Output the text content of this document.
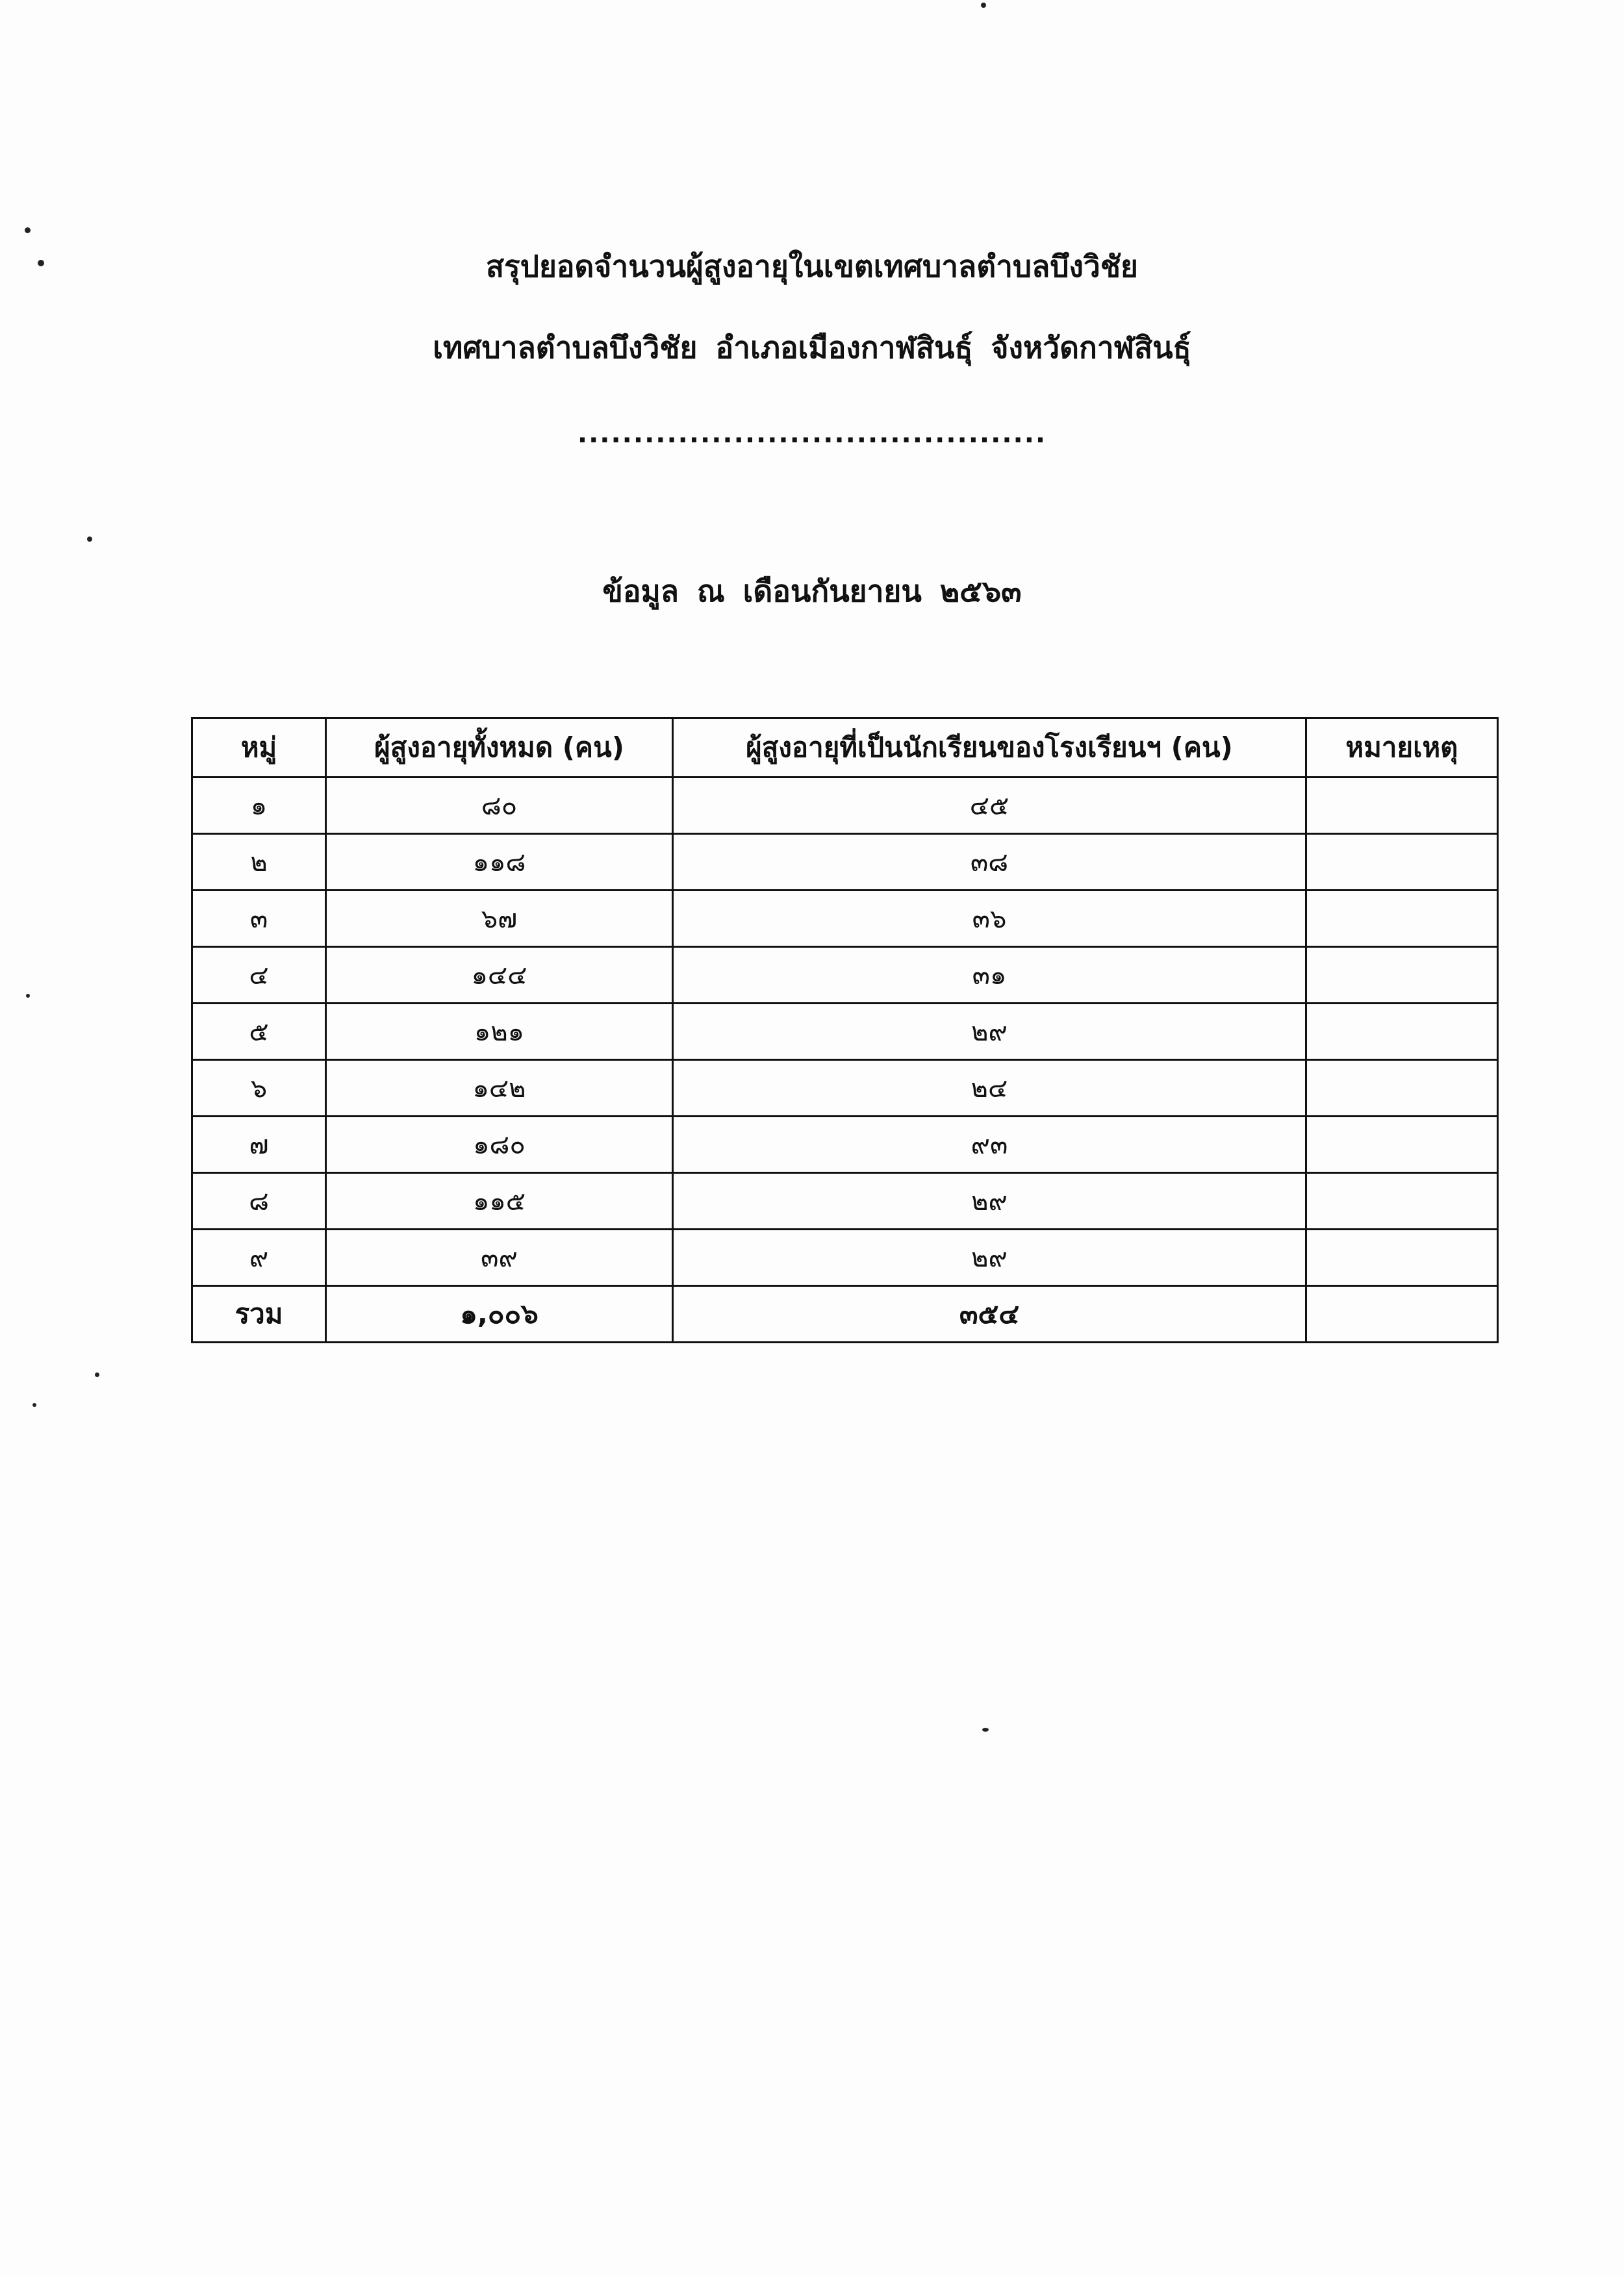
สรุปยอดจำนวนผู้สูงอายุในเขตเทศบาลตำบลบึงวิชัย
เทศบาลตำบลบึงวิชัย อำเภอเมืองกาฬสินธุ์ จังหวัดกาฬสินธุ์
..........................................
ข้อมูล ณ เดือนกันยายน ๒๕๖๓
หมู่	ผู้สูงอายุทั้งหมด (คน)	ผู้สูงอายุที่เป็นนักเรียนของโรงเรียนฯ (คน)	หมายเหตุ
๑	๘๐	๔๕	
๒	๑๑๘	๓๘	
๓	๖๗	๓๖	
๔	๑๔๔	๓๑	
๕	๑๒๑	๒๙	
๖	๑๔๒	๒๔	
๗	๑๘๐	๙๓	
๘	๑๑๕	๒๙	
๙	๓๙	๒๙	
รวม	๑,๐๐๖	๓๕๔	
